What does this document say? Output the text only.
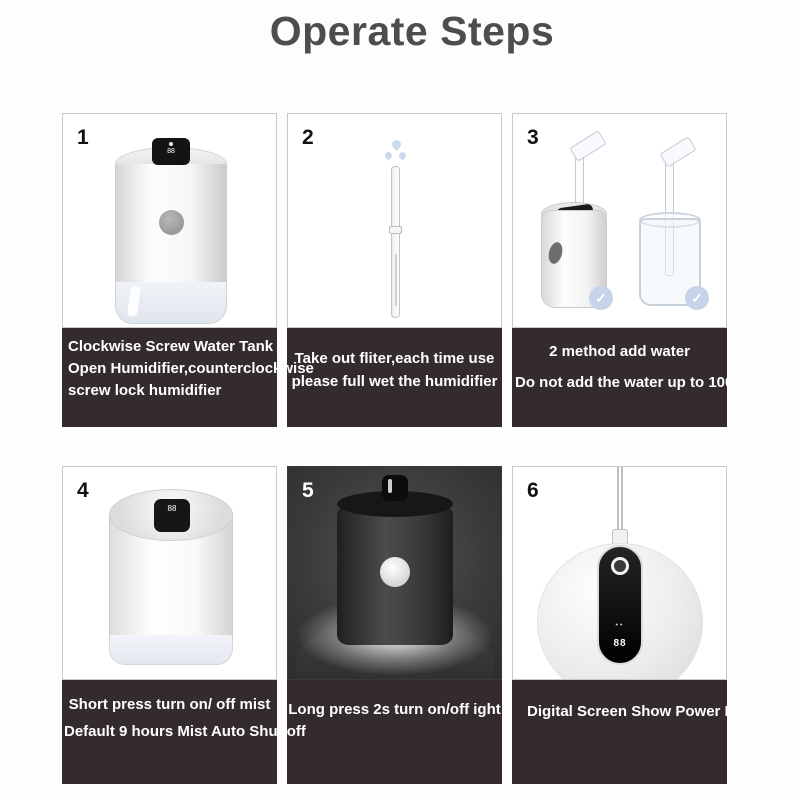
Operate Steps
1
88
Clockwise Screw Water Tank
Open Humidifier,counterclockwise
screw lock humidifier
2
Take out fliter,each time use
please full wet the humidifier
3
✓	✓
2 method add water
Do not add the water up to 1000ml
4
88
Short press turn on/ off mist
Default 9 hours Mist Auto Shut off
5
Long press 2s turn on/off ight
6
••
88
Digital Screen Show Power Level
